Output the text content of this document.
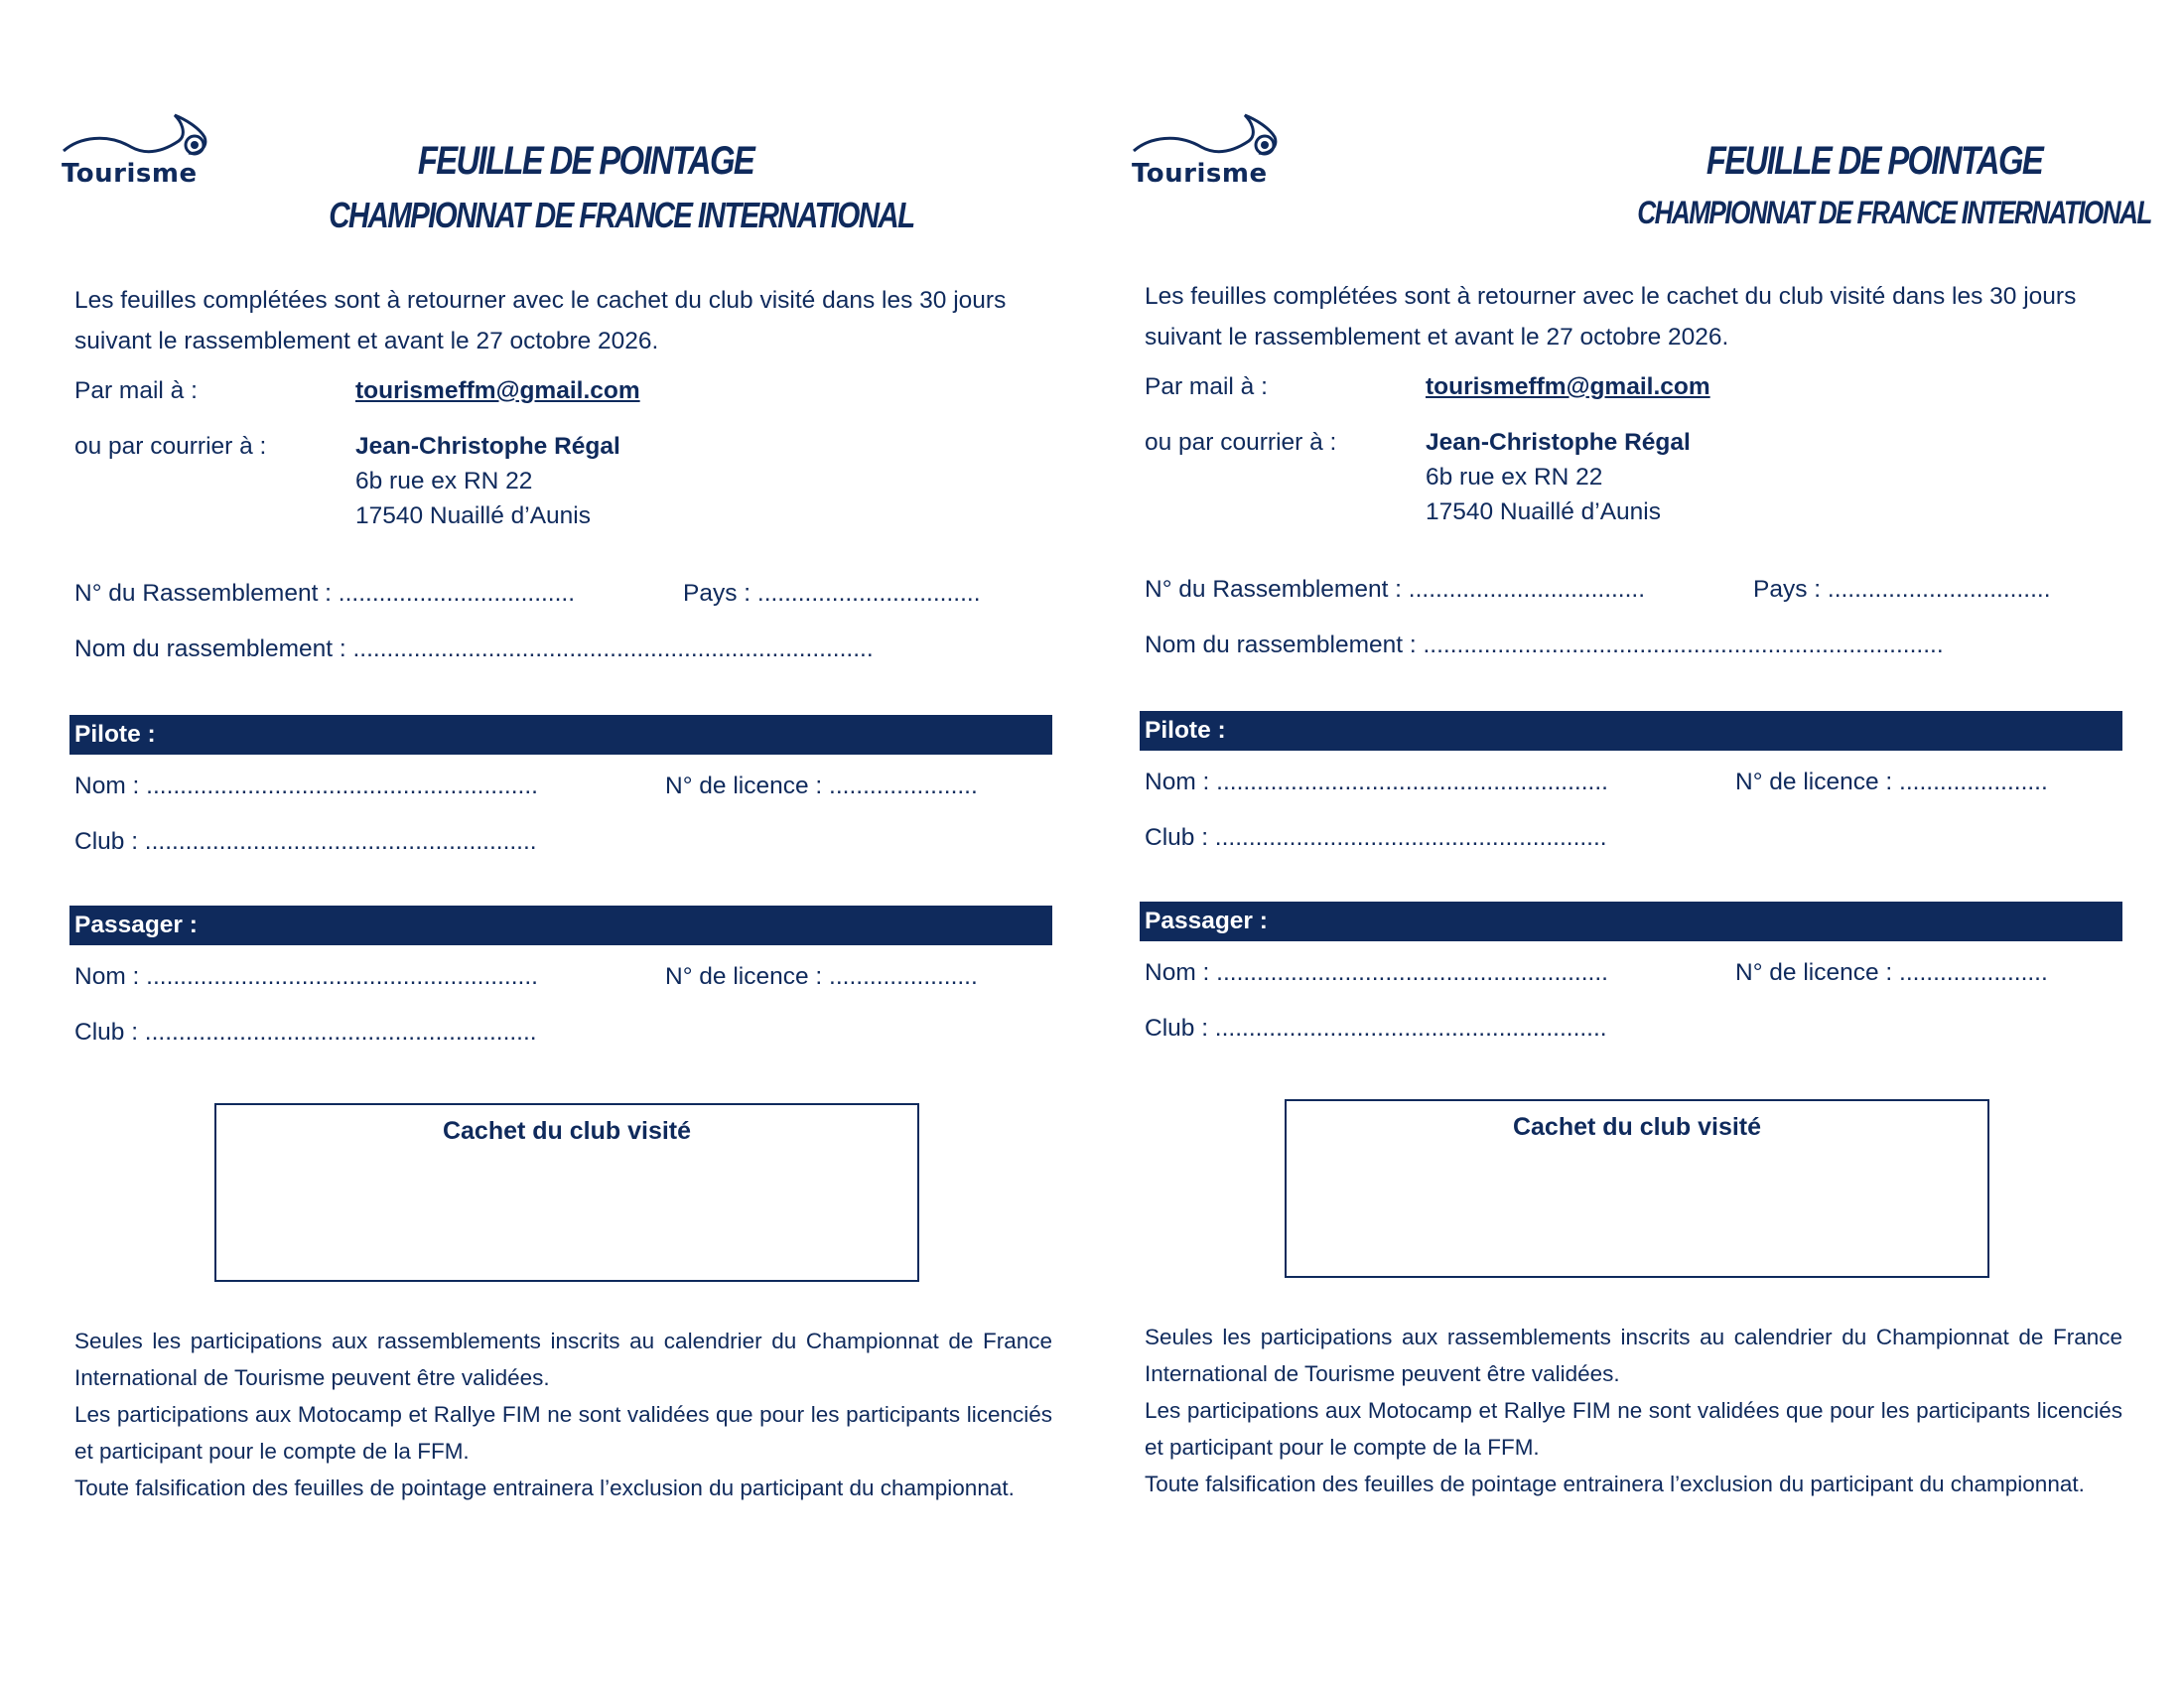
Tourisme	FEUILLE DE POINTAGE
CHAMPIONNAT DE FRANCE INTERNATIONAL
Les feuilles complétées sont à retourner avec le cachet du club visité dans les 30 jours suivant le rassemblement et avant le 27 octobre 2026.
Par mail à :	tourismeffm@gmail.com
ou par courrier à :	Jean-Christophe Régal
6b rue ex RN 22
17540 Nuaillé d’Aunis
N° du Rassemblement : ...................................	Pays : .................................
Nom du rassemblement : .............................................................................
Pilote :
Nom : ..........................................................	N° de licence : ......................
Club : ..........................................................
Passager :
Nom : ..........................................................	N° de licence : ......................
Club : ..........................................................
Cachet du club visité

Seules les participations aux rassemblements inscrits au calendrier du Championnat de France International de Tourisme peuvent être validées.

Les participations aux Motocamp et Rallye FIM ne sont validées que pour les participants licenciés et participant pour le compte de la FFM.

Toute falsification des feuilles de pointage entrainera l’exclusion du participant du championnat.

Tourisme	FEUILLE DE POINTAGE
CHAMPIONNAT DE FRANCE INTERNATIONAL
Les feuilles complétées sont à retourner avec le cachet du club visité dans les 30 jours suivant le rassemblement et avant le 27 octobre 2026.
Par mail à :	tourismeffm@gmail.com
ou par courrier à :	Jean-Christophe Régal
6b rue ex RN 22
17540 Nuaillé d’Aunis
N° du Rassemblement : ...................................	Pays : .................................
Nom du rassemblement : .............................................................................
Pilote :
Nom : ..........................................................	N° de licence : ......................
Club : ..........................................................
Passager :
Nom : ..........................................................	N° de licence : ......................
Club : ..........................................................
Cachet du club visité

Seules les participations aux rassemblements inscrits au calendrier du Championnat de France International de Tourisme peuvent être validées.

Les participations aux Motocamp et Rallye FIM ne sont validées que pour les participants licenciés et participant pour le compte de la FFM.

Toute falsification des feuilles de pointage entrainera l’exclusion du participant du championnat.
